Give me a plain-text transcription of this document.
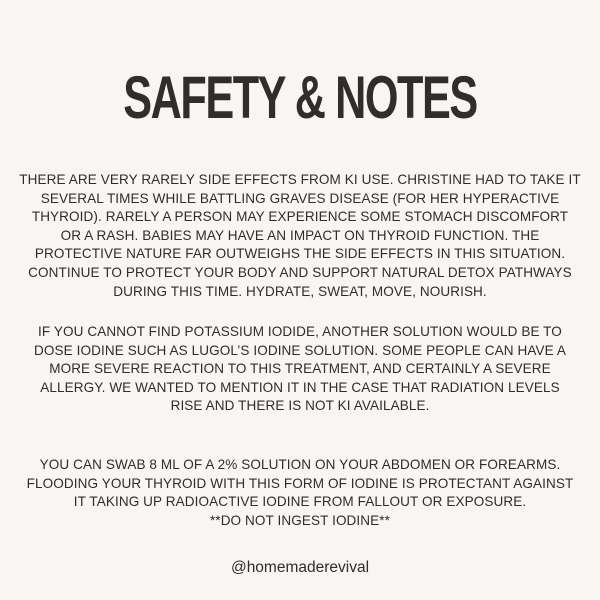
SAFETY & NOTES
THERE ARE VERY RARELY SIDE EFFECTS FROM KI USE. CHRISTINE HAD TO TAKE IT
SEVERAL TIMES WHILE BATTLING GRAVES DISEASE (FOR HER HYPERACTIVE
THYROID). RARELY A PERSON MAY EXPERIENCE SOME STOMACH DISCOMFORT
OR A RASH. BABIES MAY HAVE AN IMPACT ON THYROID FUNCTION. THE
PROTECTIVE NATURE FAR OUTWEIGHS THE SIDE EFFECTS IN THIS SITUATION.
CONTINUE TO PROTECT YOUR BODY AND SUPPORT NATURAL DETOX PATHWAYS
DURING THIS TIME. HYDRATE, SWEAT, MOVE, NOURISH.
IF YOU CANNOT FIND POTASSIUM IODIDE, ANOTHER SOLUTION WOULD BE TO
DOSE IODINE SUCH AS LUGOL’S IODINE SOLUTION. SOME PEOPLE CAN HAVE A
MORE SEVERE REACTION TO THIS TREATMENT, AND CERTAINLY A SEVERE
ALLERGY. WE WANTED TO MENTION IT IN THE CASE THAT RADIATION LEVELS
RISE AND THERE IS NOT KI AVAILABLE.
YOU CAN SWAB 8 ML OF A 2% SOLUTION ON YOUR ABDOMEN OR FOREARMS.
FLOODING YOUR THYROID WITH THIS FORM OF IODINE IS PROTECTANT AGAINST
IT TAKING UP RADIOACTIVE IODINE FROM FALLOUT OR EXPOSURE.
**DO NOT INGEST IODINE**
@homemaderevival
